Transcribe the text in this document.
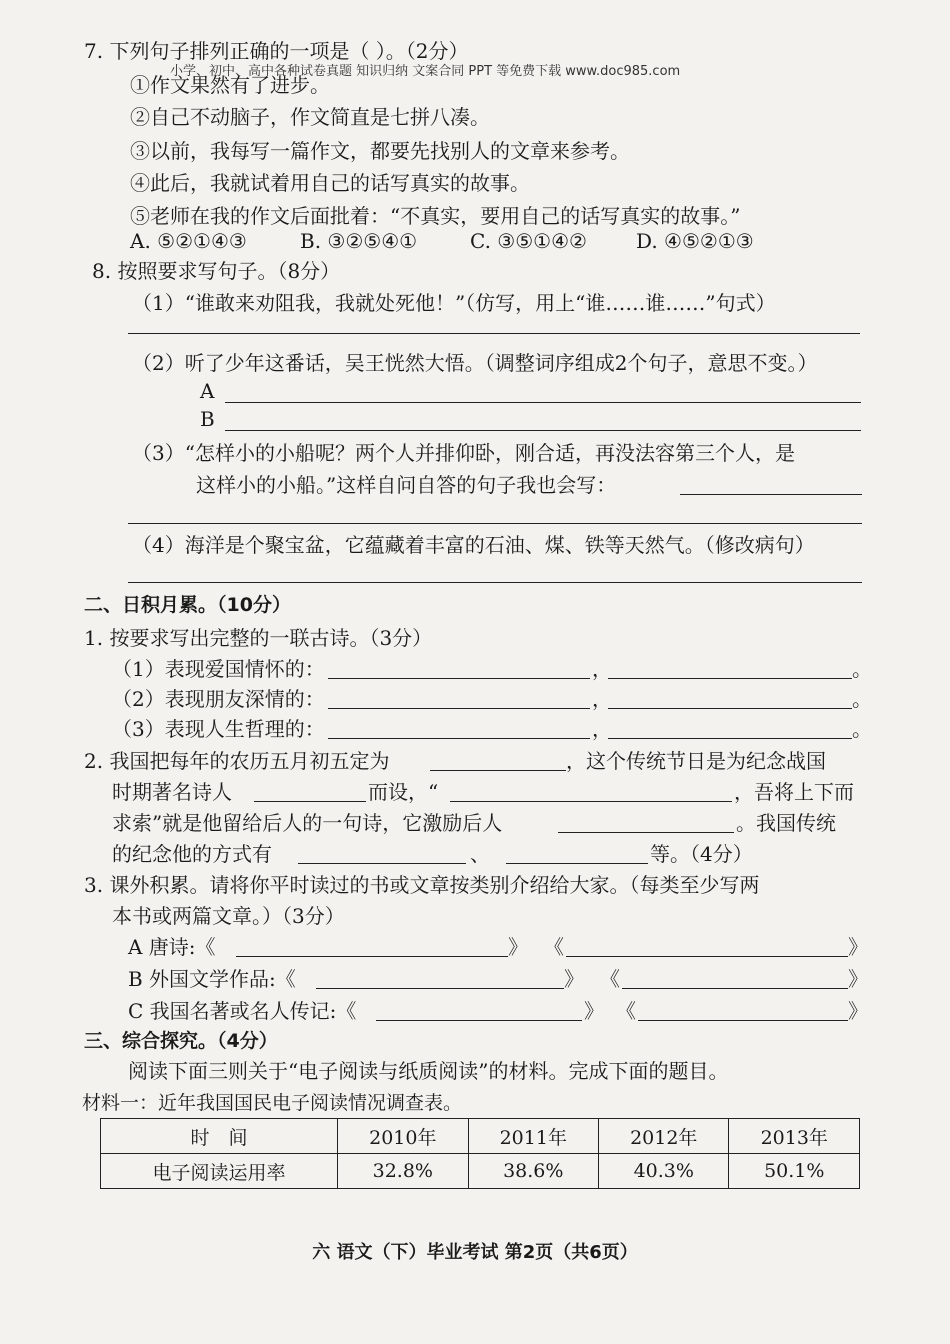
小学、初中、高中各种试卷真题 知识归纳 文案合同 PPT 等免费下载 www.doc985.com
7. 下列句子排列正确的一项是（ ）。（2分）
①作文果然有了进步。
②自己不动脑子，作文简直是七拼八凑。
③以前，我每写一篇作文，都要先找别人的文章来参考。
④此后，我就试着用自己的话写真实的故事。
⑤老师在我的作文后面批着：“不真实，要用自己的话写真实的故事。”
A. ⑤②①④③	B. ③②⑤④①	C. ③⑤①④② D. ④⑤②①③
8. 按照要求写句子。（8分）
（1）“谁敢来劝阻我，我就处死他！”（仿写，用上“谁……谁……”句式）
（2）听了少年这番话，吴王恍然大悟。（调整词序组成2个句子，意思不变。）
A
B
（3）“怎样小的小船呢？两个人并排仰卧，刚合适，再没法容第三个人，是
这样小的小船。”这样自问自答的句子我也会写：
（4）海洋是个聚宝盆，它蕴藏着丰富的石油、煤、铁等天然气。（修改病句）
二、日积月累。（10分）
1. 按要求写出完整的一联古诗。（3分）
（1）表现爱国情怀的：	，	。
（2）表现朋友深情的：	，	。
（3）表现人生哲理的：	，	。
2. 我国把每年的农历五月初五定为	，这个传统节日是为纪念战国
时期著名诗人	而设，“	，吾将上下而
求索”就是他留给后人的一句诗，它激励后人	。我国传统
的纪念他的方式有	、	等。（4分）
3. 课外积累。请将你平时读过的书或文章按类别介绍给大家。（每类至少写两
本书或两篇文章。）（3分）
A 唐诗:《	》 《	》
B 外国文学作品:《	》 《	》
C 我国名著或名人传记:《	》 《	》
三、综合探究。（4分）
阅读下面三则关于“电子阅读与纸质阅读”的材料。完成下面的题目。
材料一：近年我国国民电子阅读情况调查表。
时　间	2010年	2011年	2012年	2013年
电子阅读运用率	32.8%	38.6%	40.3%	50.1%
六 语文（下）毕业考试 第2页（共6页）
